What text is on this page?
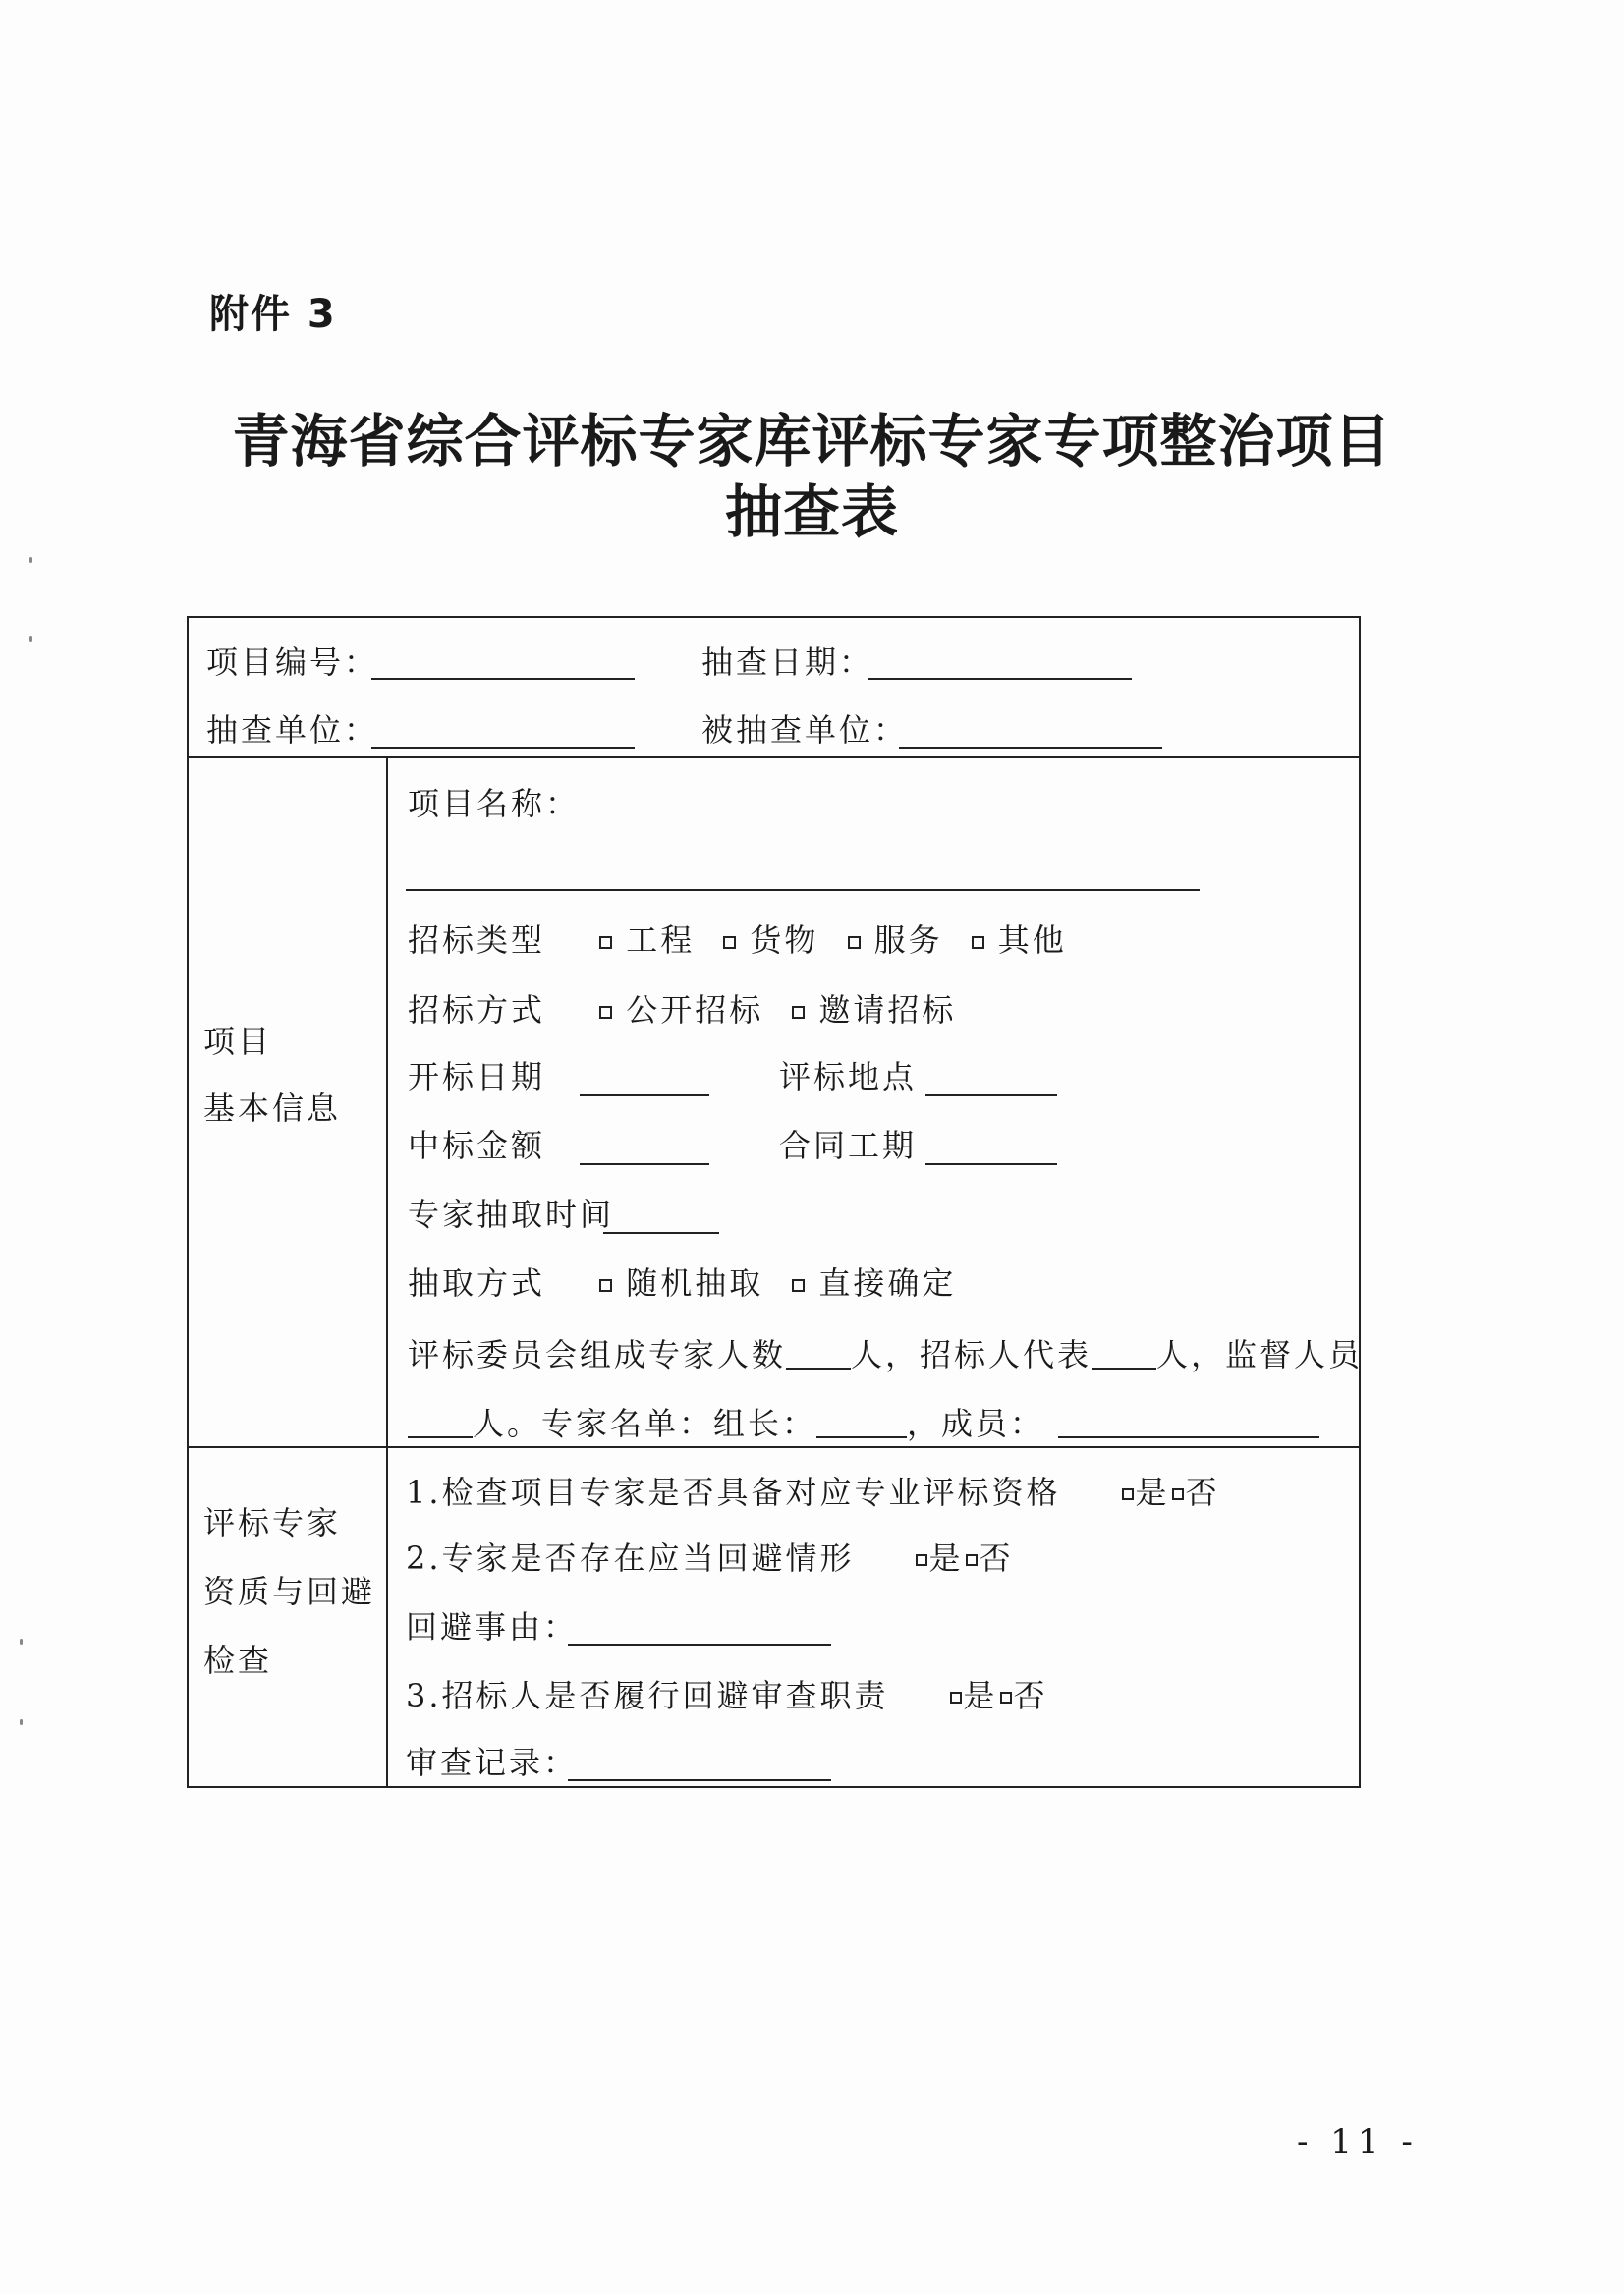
附件 3
青海省综合评标专家库评标专家专项整治项目
抽查表
项目编号：	抽查日期：
抽查单位：	被抽查单位：
项目
基本信息
项目名称：
招标类型	工程 货物 服务 其他
招标方式	公开招标 邀请招标
开标日期	评标地点
中标金额	合同工期
专家抽取时间
抽取方式	随机抽取 直接确定
评标委员会组成专家人数 人，招标人代表 人，监督人员
人。专家名单：组长：	，成员：
评标专家
资质与回避
检查
1.检查项目专家是否具备对应专业评标资格 是 否
2.专家是否存在应当回避情形 是 否
回避事由：
3.招标人是否履行回避审查职责 是 否
审查记录：
- 11 -
